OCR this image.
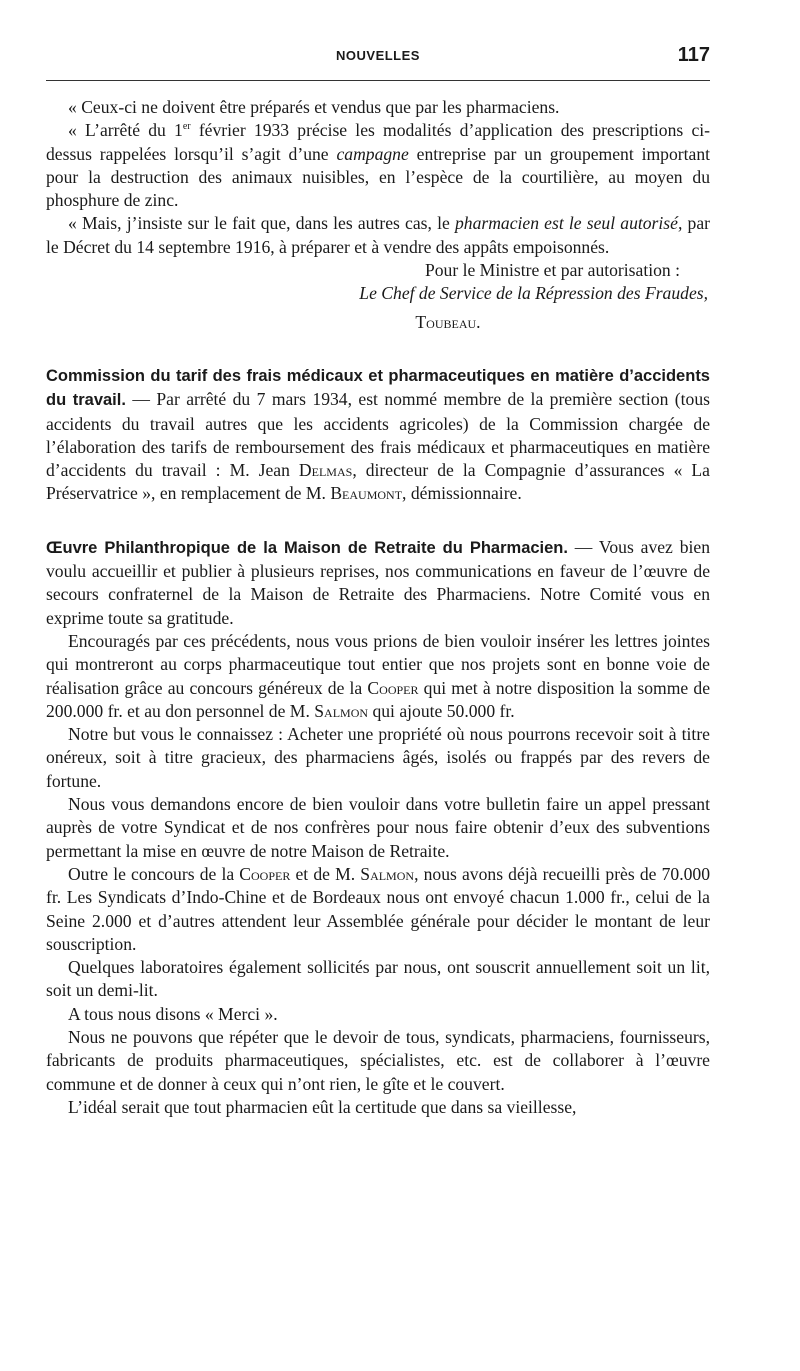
NOUVELLES	117

« Ceux-ci ne doivent être préparés et vendus que par les pharmaciens.

« L’arrêté du 1er février 1933 précise les modalités d’application des prescriptions ci-dessus rappelées lorsqu’il s’agit d’une campagne entreprise par un groupement important pour la destruction des animaux nuisibles, en l’espèce de la courtilière, au moyen du phosphure de zinc.

« Mais, j’insiste sur le fait que, dans les autres cas, le pharmacien est le seul autorisé, par le Décret du 14 septembre 1916, à préparer et à vendre des appâts empoisonnés.

Pour le Ministre et par autorisation :

Le Chef de Service de la Répression des Fraudes,

Toubeau.

Commission du tarif des frais médicaux et pharmaceutiques en matière d’accidents du travail. — Par arrêté du 7 mars 1934, est nommé membre de la première section (tous accidents du travail autres que les accidents agricoles) de la Commission chargée de l’élaboration des tarifs de remboursement des frais médicaux et pharmaceutiques en matière d’accidents du travail : M. Jean Delmas, directeur de la Compagnie d’assurances « La Préservatrice », en remplacement de M. Beaumont, démissionnaire.

Œuvre Philanthropique de la Maison de Retraite du Pharmacien. — Vous avez bien voulu accueillir et publier à plusieurs reprises, nos communications en faveur de l’œuvre de secours confraternel de la Maison de Retraite des Pharmaciens. Notre Comité vous en exprime toute sa gratitude.

Encouragés par ces précédents, nous vous prions de bien vouloir insérer les lettres jointes qui montreront au corps pharmaceutique tout entier que nos projets sont en bonne voie de réalisation grâce au concours généreux de la Cooper qui met à notre disposition la somme de 200.000 fr. et au don personnel de M. Salmon qui ajoute 50.000 fr.

Notre but vous le connaissez : Acheter une propriété où nous pourrons recevoir soit à titre onéreux, soit à titre gracieux, des pharmaciens âgés, isolés ou frappés par des revers de fortune.

Nous vous demandons encore de bien vouloir dans votre bulletin faire un appel pressant auprès de votre Syndicat et de nos confrères pour nous faire obtenir d’eux des subventions permettant la mise en œuvre de notre Maison de Retraite.

Outre le concours de la Cooper et de M. Salmon, nous avons déjà recueilli près de 70.000 fr. Les Syndicats d’Indo-Chine et de Bordeaux nous ont envoyé chacun 1.000 fr., celui de la Seine 2.000 et d’autres attendent leur Assemblée générale pour décider le montant de leur souscription.

Quelques laboratoires également sollicités par nous, ont souscrit annuellement soit un lit, soit un demi-lit.

A tous nous disons « Merci ».

Nous ne pouvons que répéter que le devoir de tous, syndicats, pharmaciens, fournisseurs, fabricants de produits pharmaceutiques, spécialistes, etc. est de collaborer à l’œuvre commune et de donner à ceux qui n’ont rien, le gîte et le couvert.

L’idéal serait que tout pharmacien eût la certitude que dans sa vieillesse,
